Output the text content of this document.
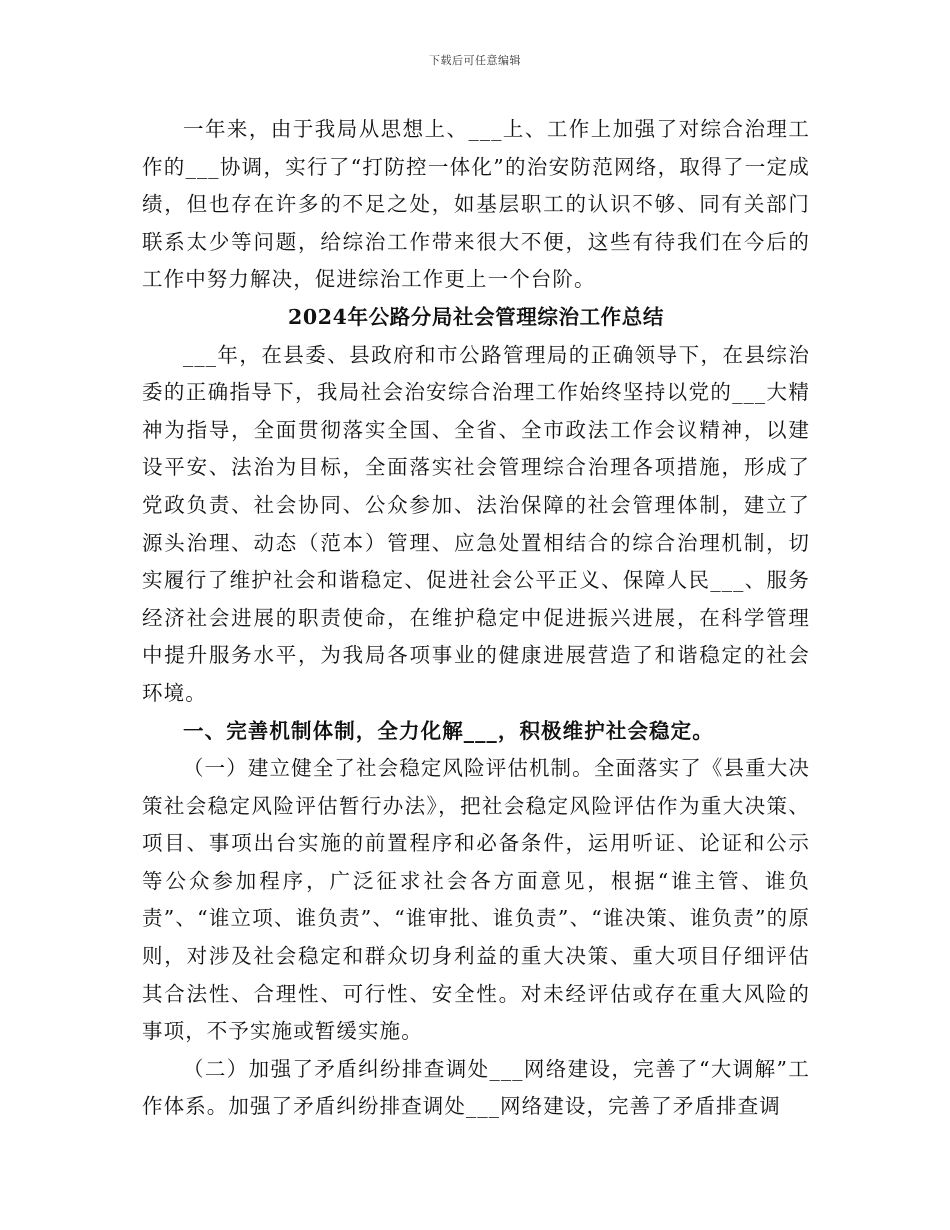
下载后可任意编辑

一年来，由于我局从思想上、___上、工作上加强了对综合治理工作的___协调，实行了“打防控一体化”的治安防范网络，取得了一定成绩，但也存在许多的不足之处，如基层职工的认识不够、同有关部门联系太少等问题，给综治工作带来很大不便，这些有待我们在今后的工作中努力解决，促进综治工作更上一个台阶。

2024年公路分局社会管理综治工作总结

___年，在县委、县政府和市公路管理局的正确领导下，在县综治委的正确指导下，我局社会治安综合治理工作始终坚持以党的___大精神为指导，全面贯彻落实全国、全省、全市政法工作会议精神，以建设平安、法治为目标，全面落实社会管理综合治理各项措施，形成了党政负责、社会协同、公众参加、法治保障的社会管理体制，建立了源头治理、动态（范本）管理、应急处置相结合的综合治理机制，切实履行了维护社会和谐稳定、促进社会公平正义、保障人民___、服务经济社会进展的职责使命，在维护稳定中促进振兴进展，在科学管理中提升服务水平，为我局各项事业的健康进展营造了和谐稳定的社会环境。

一、完善机制体制，全力化解___，积极维护社会稳定。

（一）建立健全了社会稳定风险评估机制。全面落实了《县重大决策社会稳定风险评估暂行办法》，把社会稳定风险评估作为重大决策、项目、事项出台实施的前置程序和必备条件，运用听证、论证和公示等公众参加程序，广泛征求社会各方面意见，根据“谁主管、谁负责”、“谁立项、谁负责”、“谁审批、谁负责”、“谁决策、谁负责”的原则，对涉及社会稳定和群众切身利益的重大决策、重大项目仔细评估其合法性、合理性、可行性、安全性。对未经评估或存在重大风险的事项，不予实施或暂缓实施。

（二）加强了矛盾纠纷排查调处___网络建设，完善了“大调解”工作体系。加强了矛盾纠纷排查调处___网络建设，完善了矛盾排查调
